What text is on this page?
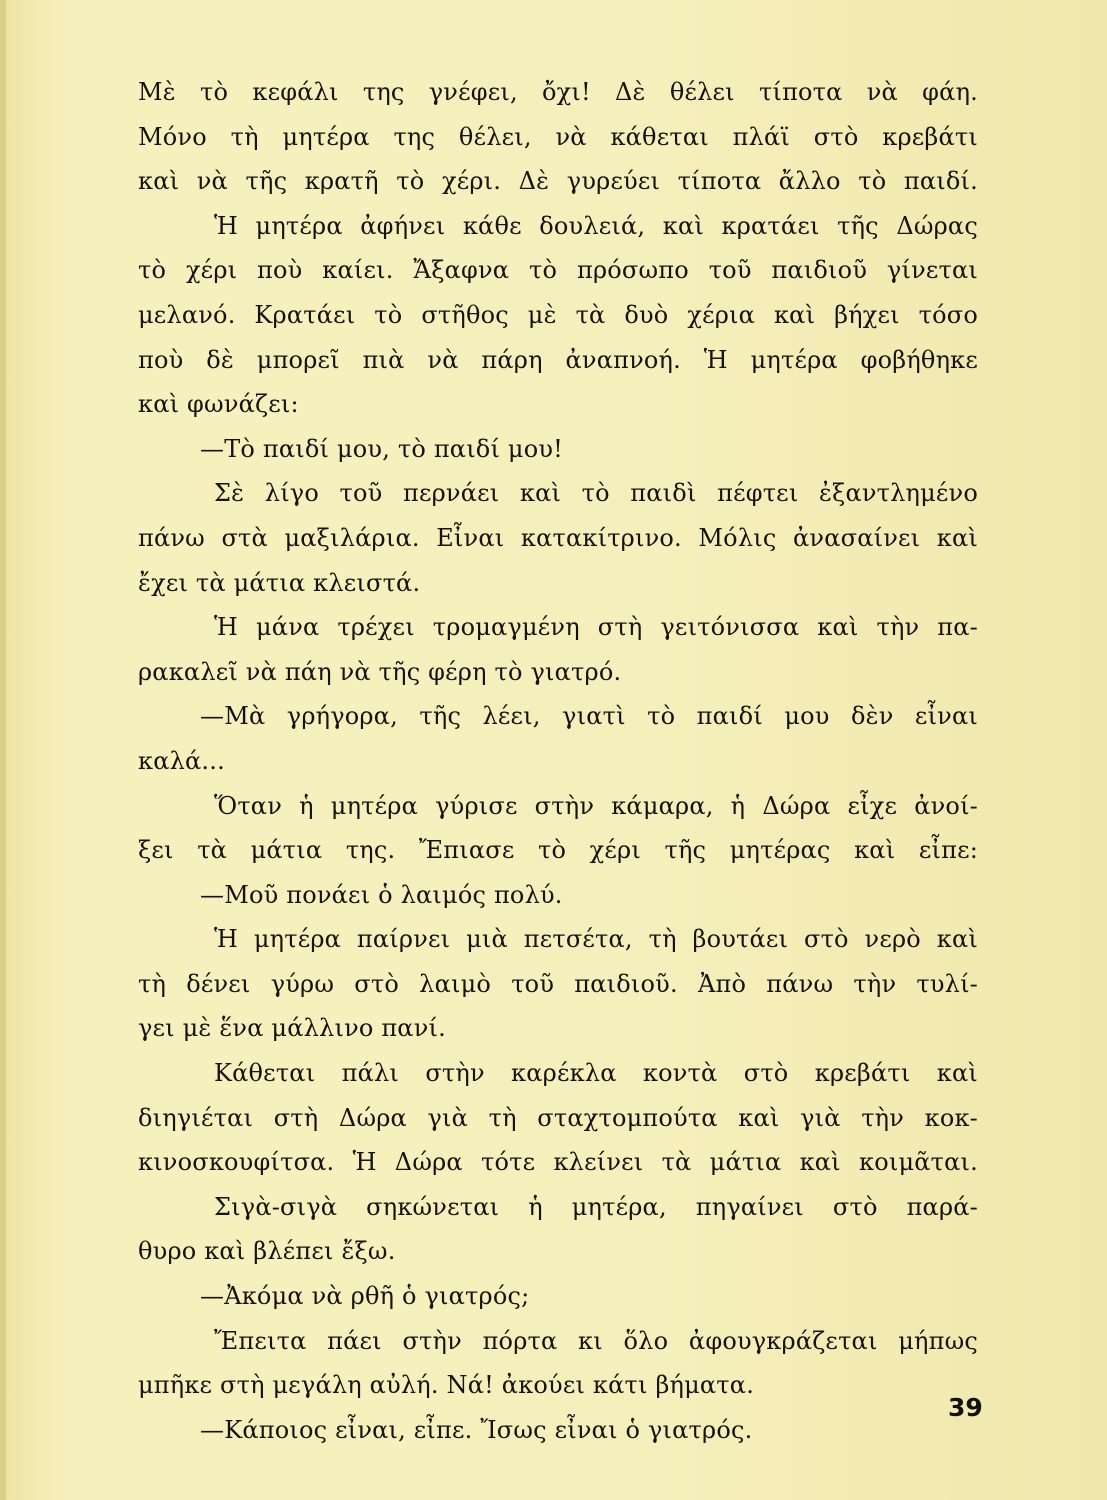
Μὲ τὸ κεφάλι της γνέφει, ὄχι! Δὲ θέλει τίποτα νὰ φάη.
Μόνο τὴ μητέρα της θέλει, νὰ κάθεται πλάϊ στὸ κρεβάτι
καὶ νὰ τῆς κρατῆ τὸ χέρι. Δὲ γυρεύει τίποτα ἄλλο τὸ παιδί.
Ἡ μητέρα ἀφήνει κάθε δουλειά, καὶ κρατάει τῆς Δώρας
τὸ χέρι ποὺ καίει. Ἄξαφνα τὸ πρόσωπο τοῦ παιδιοῦ γίνεται
μελανό. Κρατάει τὸ στῆθος μὲ τὰ δυὸ χέρια καὶ βήχει τόσο
ποὺ δὲ μπορεῖ πιὰ νὰ πάρη ἀναπνοή. Ἡ μητέρα φοβήθηκε
καὶ φωνάζει:
—Τὸ παιδί μου, τὸ παιδί μου!
Σὲ λίγο τοῦ περνάει καὶ τὸ παιδὶ πέφτει ἐξαντλημένο
πάνω στὰ μαξιλάρια. Εἶναι κατακίτρινο. Μόλις ἀνασαίνει καὶ
ἔχει τὰ μάτια κλειστά.
Ἡ μάνα τρέχει τρομαγμένη στὴ γειτόνισσα καὶ τὴν πα-
ρακαλεῖ νὰ πάη νὰ τῆς φέρη τὸ γιατρό.
—Μὰ γρήγορα, τῆς λέει, γιατὶ τὸ παιδί μου δὲν εἶναι
καλά...
Ὅταν ἡ μητέρα γύρισε στὴν κάμαρα, ἡ Δώρα εἶχε ἀνοί-
ξει τὰ μάτια της. Ἔπιασε τὸ χέρι τῆς μητέρας καὶ εἶπε:
—Μοῦ πονάει ὁ λαιμός πολύ.
Ἡ μητέρα παίρνει μιὰ πετσέτα, τὴ βουτάει στὸ νερὸ καὶ
τὴ δένει γύρω στὸ λαιμὸ τοῦ παιδιοῦ. Ἀπὸ πάνω τὴν τυλί-
γει μὲ ἕνα μάλλινο πανί.
Κάθεται πάλι στὴν καρέκλα κοντὰ στὸ κρεβάτι καὶ
διηγιέται στὴ Δώρα γιὰ τὴ σταχτομπούτα καὶ γιὰ τὴν κοκ-
κινοσκουφίτσα. Ἡ Δώρα τότε κλείνει τὰ μάτια καὶ κοιμᾶται.
Σιγὰ-σιγὰ σηκώνεται ἡ μητέρα, πηγαίνει στὸ παρά-
θυρο καὶ βλέπει ἔξω.
—Ἀκόμα νὰ ρθῆ ὁ γιατρός;
Ἔπειτα πάει στὴν πόρτα κι ὅλο ἀφουγκράζεται μήπως
μπῆκε στὴ μεγάλη αὐλή. Νά! ἀκούει κάτι βήματα.
—Κάποιος εἶναι, εἶπε. Ἴσως εἶναι ὁ γιατρός.
39
